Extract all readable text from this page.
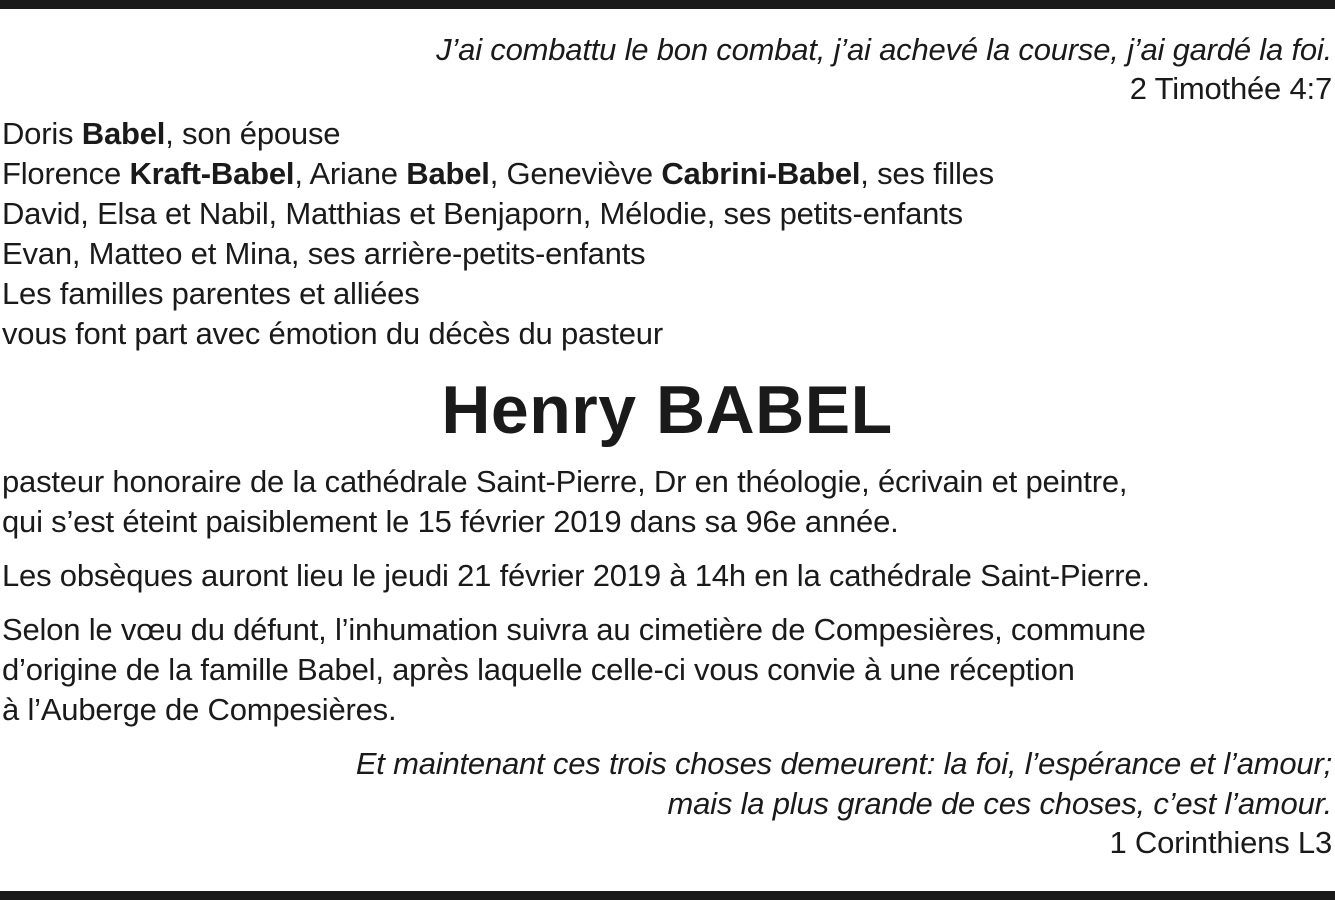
J’ai combattu le bon combat, j’ai achevé la course, j’ai gardé la foi.
2 Timothée 4:7
Doris Babel, son épouse
Florence Kraft-Babel, Ariane Babel, Geneviève Cabrini-Babel, ses filles
David, Elsa et Nabil, Matthias et Benjaporn, Mélodie, ses petits-enfants
Evan, Matteo et Mina, ses arrière-petits-enfants
Les familles parentes et alliées
vous font part avec émotion du décès du pasteur
Henry BABEL
pasteur honoraire de la cathédrale Saint-Pierre, Dr en théologie, écrivain et peintre,
qui s’est éteint paisiblement le 15 février 2019 dans sa 96e année.
Les obsèques auront lieu le jeudi 21 février 2019 à 14h en la cathédrale Saint-Pierre.
Selon le vœu du défunt, l’inhumation suivra au cimetière de Compesières, commune
d’origine de la famille Babel, après laquelle celle-ci vous convie à une réception
à l’Auberge de Compesières.
Et maintenant ces trois choses demeurent: la foi, l’espérance et l’amour;
mais la plus grande de ces choses, c’est l’amour.
1 Corinthiens L3
